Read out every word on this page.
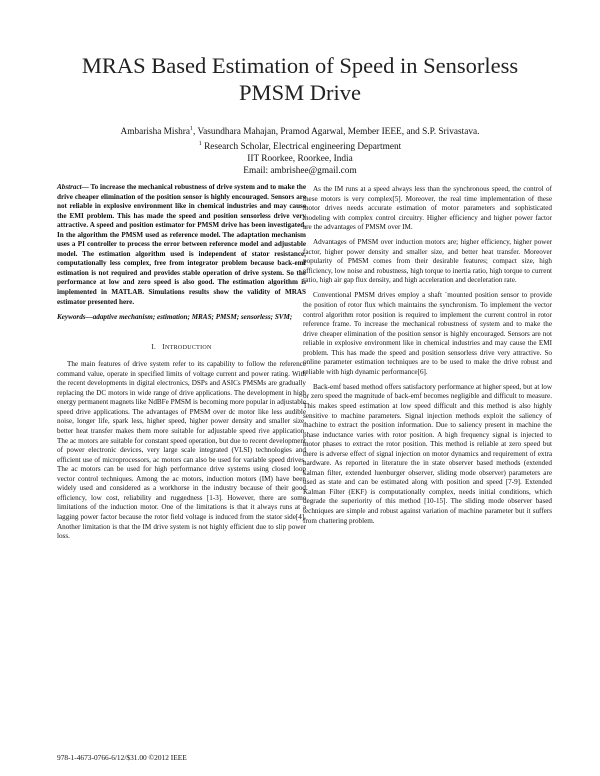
MRAS Based Estimation of Speed in Sensorless
PMSM Drive
Ambarisha Mishra$^1$, Vasundhara Mahajan, Pramod Agarwal, Member IEEE, and S.P. Srivastava.
$^1$ Research Scholar, Electrical engineering Department
IIT Roorkee, Roorkee, India
Email: ambrishee@gmail.com

Abstract— To increase the mechanical robustness of drive system and to make the drive cheaper elimination of the position sensor is highly encouraged. Sensors are not reliable in explosive environment like in chemical industries and may cause the EMI problem. This has made the speed and position sensorless drive very attractive. A speed and position estimator for PMSM drive has been investigated. In the algorithm the PMSM used as reference model. The adaptation mechanism uses a PI controller to process the error between reference model and adjustable model. The estimation algorithm used is independent of stator resistance, computationally less complex, free from integrator problem because back-emf estimation is not required and provides stable operation of drive system. So the performance at low and zero speed is also good. The estimation algorithm is implemented in MATLAB. Simulations results show the validity of MRAS estimator presented here.

Keywords—adaptive mechanism; estimation; MRAS; PMSM; sensorless; SVM;

I. INTRODUCTION

The main features of drive system refer to its capability to follow the reference command value, operate in specified limits of voltage current and power rating. With the recent developments in digital electronics, DSPs and ASICs PMSMs are gradually replacing the DC motors in wide range of drive applications. The development in high energy permanent magnets like NdBFe PMSM is becoming more popular in adjustable speed drive applications. The advantages of PMSM over dc motor like less audible noise, longer life, spark less, higher speed, higher power density and smaller size, better heat transfer makes them more suitable for adjustable speed rive application. The ac motors are suitable for constant speed operation, but due to recent development of power electronic devices, very large scale integrated (VLSI) technologies and efficient use of microprocessors, ac motors can also be used for variable speed drives. The ac motors can be used for high performance drive systems using closed loop vector control techniques. Among the ac motors, induction motors (IM) have been widely used and considered as a workhorse in the industry because of their good efficiency, low cost, reliability and ruggedness [1-3]. However, there are some limitations of the induction motor. One of the limitations is that it always runs at a lagging power factor because the rotor field voltage is induced from the stator side[4]. Another limitation is that the IM drive system is not highly efficient due to slip power loss.

As the IM runs at a speed always less than the synchronous speed, the control of these motors is very complex[5]. Moreover, the real time implementation of these motor drives needs accurate estimation of motor parameters and sophisticated modeling with complex control circuitry. Higher efficiency and higher power factor are the advantages of PMSM over IM.

Advantages of PMSM over induction motors are; higher efficiency, higher power factor, higher power density and smaller size, and better heat transfer. Moreover popularity of PMSM comes from their desirable features; compact size, high efficiency, low noise and robustness, high torque to inertia ratio, high torque to current ratio, high air gap flux density, and high acceleration and deceleration rate.

Conventional PMSM drives employ a shaft `mounted position sensor to provide the position of rotor flux which maintains the synchronism. To implement the vector control algorithm rotor position is required to implement the current control in rotor reference frame. To increase the mechanical robustness of system and to make the drive cheaper elimination of the position sensor is highly encouraged. Sensors are not reliable in explosive environment like in chemical industries and may cause the EMI problem. This has made the speed and position sensorless drive very attractive. So online parameter estimation techniques are to be used to make the drive robust and reliable with high dynamic performance[6].

Back-emf based method offers satisfactory performance at higher speed, but at low or zero speed the magnitude of back-emf becomes negligible and difficult to measure. This makes speed estimation at low speed difficult and this method is also highly sensitive to machine parameters. Signal injection methods exploit the saliency of machine to extract the position information. Due to saliency present in machine the phase inductance varies with rotor position. A high frequency signal is injected to motor phases to extract the rotor position. This method is reliable at zero speed but there is adverse effect of signal injection on motor dynamics and requirement of extra hardware. As reported in literature the in state observer based methods (extended kalman filter, extended luenburger observer, sliding mode observer) parameters are used as state and can be estimated along with position and speed [7-9]. Extended Kalman Filter (EKF) is computationally complex, needs initial conditions, which degrade the superiority of this method [10-15]. The sliding mode observer based techniques are simple and robust against variation of machine parameter but it suffers from chattering problem.

978-1-4673-0766-6/12/$31.00 ©2012 IEEE
